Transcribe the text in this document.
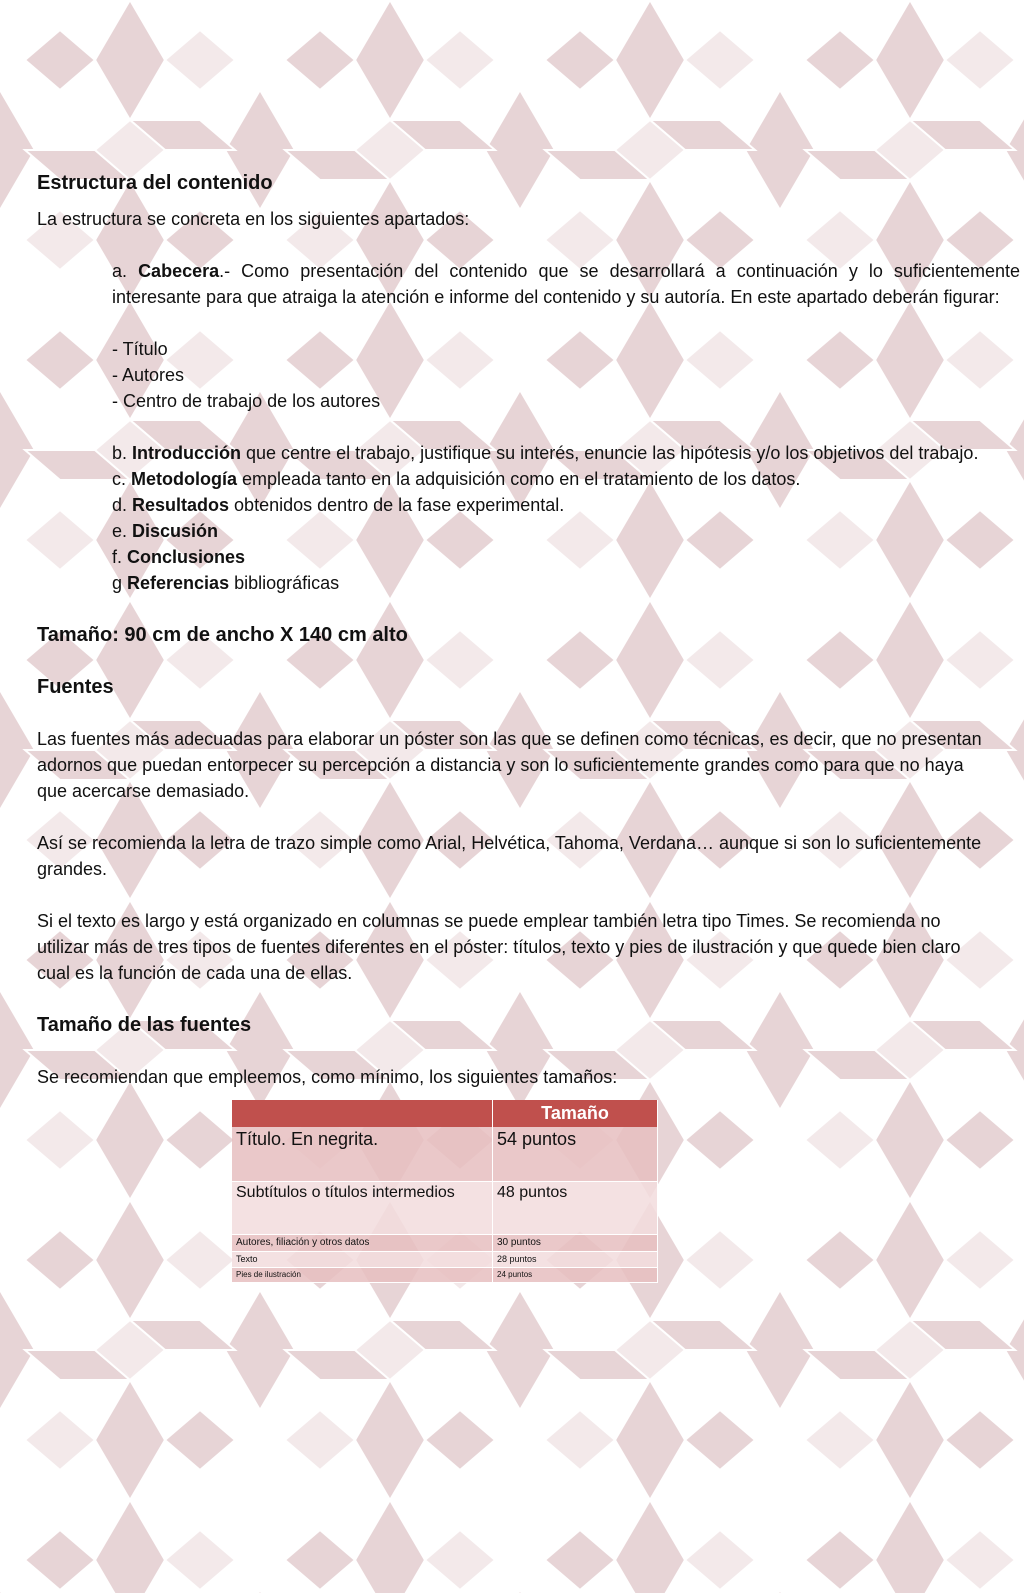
Estructura del contenido

La estructura se concreta en los siguientes apartados:

a. Cabecera.- Como presentación del contenido que se desarrollará a continuación y lo suficientemente interesante para que atraiga la atención e informe del contenido y su autoría. En este apartado deberán figurar:

- Título

- Autores

- Centro de trabajo de los autores

b. Introducción que centre el trabajo, justifique su interés, enuncie las hipótesis y/o los objetivos del trabajo.

c. Metodología empleada tanto en la adquisición como en el tratamiento de los datos.

d. Resultados obtenidos dentro de la fase experimental.

e. Discusión

f. Conclusiones

g Referencias bibliográficas

Tamaño: 90 cm de ancho X 140 cm alto
Fuentes

Las fuentes más adecuadas para elaborar un póster son las que se definen como técnicas, es decir, que no presentan adornos que puedan entorpecer su percepción a distancia y son lo suficientemente grandes como para que no haya que acercarse demasiado.

Así se recomienda la letra de trazo simple como Arial, Helvética, Tahoma, Verdana… aunque si son lo suficientemente grandes.

Si el texto es largo y está organizado en columnas se puede emplear también letra tipo Times. Se recomienda no utilizar más de tres tipos de fuentes diferentes en el póster: títulos, texto y pies de ilustración y que quede bien claro cual es la función de cada una de ellas.

Tamaño de las fuentes

Se recomiendan que empleemos, como mínimo, los siguientes tamaños:

	Tamaño
Título. En negrita.	54 puntos
Subtítulos o títulos intermedios	48 puntos
Autores, filiación y otros datos	30 puntos
Texto	28 puntos
Pies de ilustración	24 puntos
